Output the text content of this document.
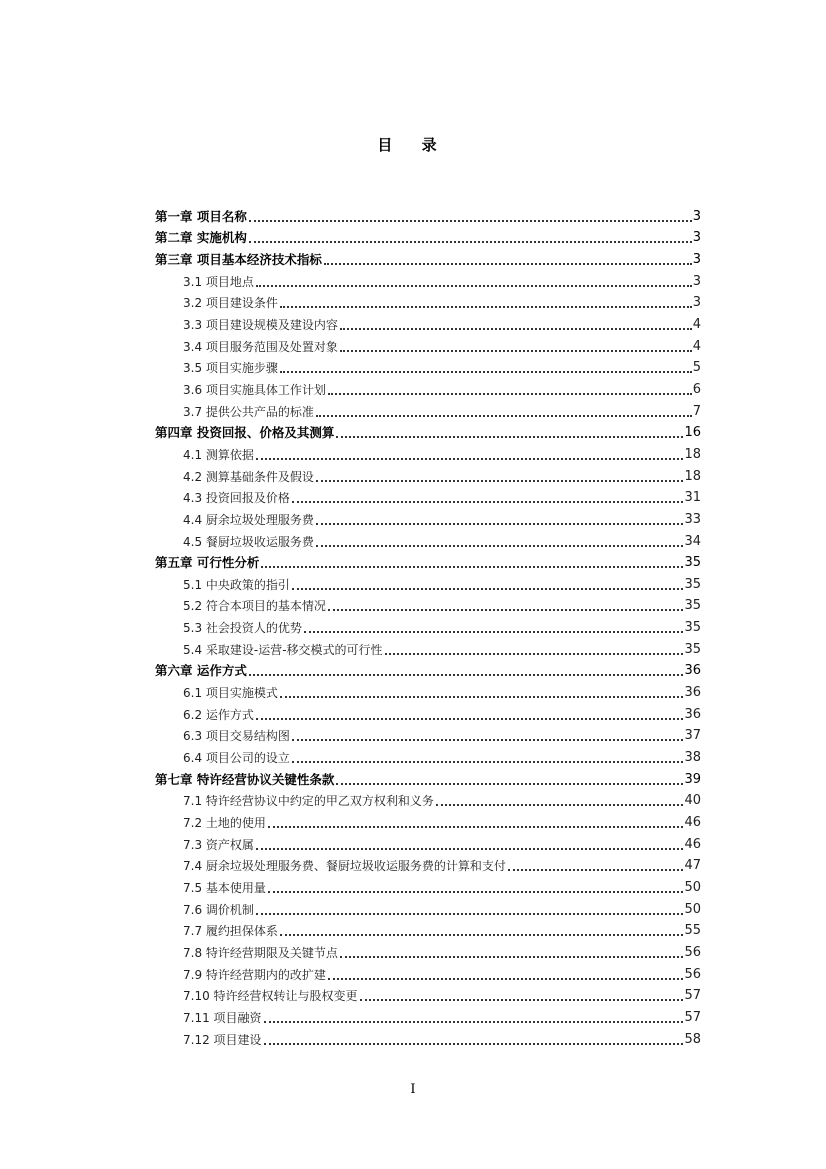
目 录
第一章 项目名称	3
第二章 实施机构	3
第三章 项目基本经济技术指标	3
3.1 项目地点	3
3.2 项目建设条件	3
3.3 项目建设规模及建设内容	4
3.4 项目服务范围及处置对象	4
3.5 项目实施步骤	5
3.6 项目实施具体工作计划	6
3.7 提供公共产品的标准	7
第四章 投资回报、价格及其测算	16
4.1 测算依据	18
4.2 测算基础条件及假设	18
4.3 投资回报及价格	31
4.4 厨余垃圾处理服务费	33
4.5 餐厨垃圾收运服务费	34
第五章 可行性分析	35
5.1 中央政策的指引	35
5.2 符合本项目的基本情况	35
5.3 社会投资人的优势	35
5.4 采取建设-运营-移交模式的可行性	35
第六章 运作方式	36
6.1 项目实施模式	36
6.2 运作方式	36
6.3 项目交易结构图	37
6.4 项目公司的设立	38
第七章 特许经营协议关键性条款	39
7.1 特许经营协议中约定的甲乙双方权利和义务	40
7.2 土地的使用	46
7.3 资产权属	46
7.4 厨余垃圾处理服务费、餐厨垃圾收运服务费的计算和支付	47
7.5 基本使用量	50
7.6 调价机制	50
7.7 履约担保体系	55
7.8 特许经营期限及关键节点	56
7.9 特许经营期内的改扩建	56
7.10 特许经营权转让与股权变更	57
7.11 项目融资	57
7.12 项目建设	58
I
